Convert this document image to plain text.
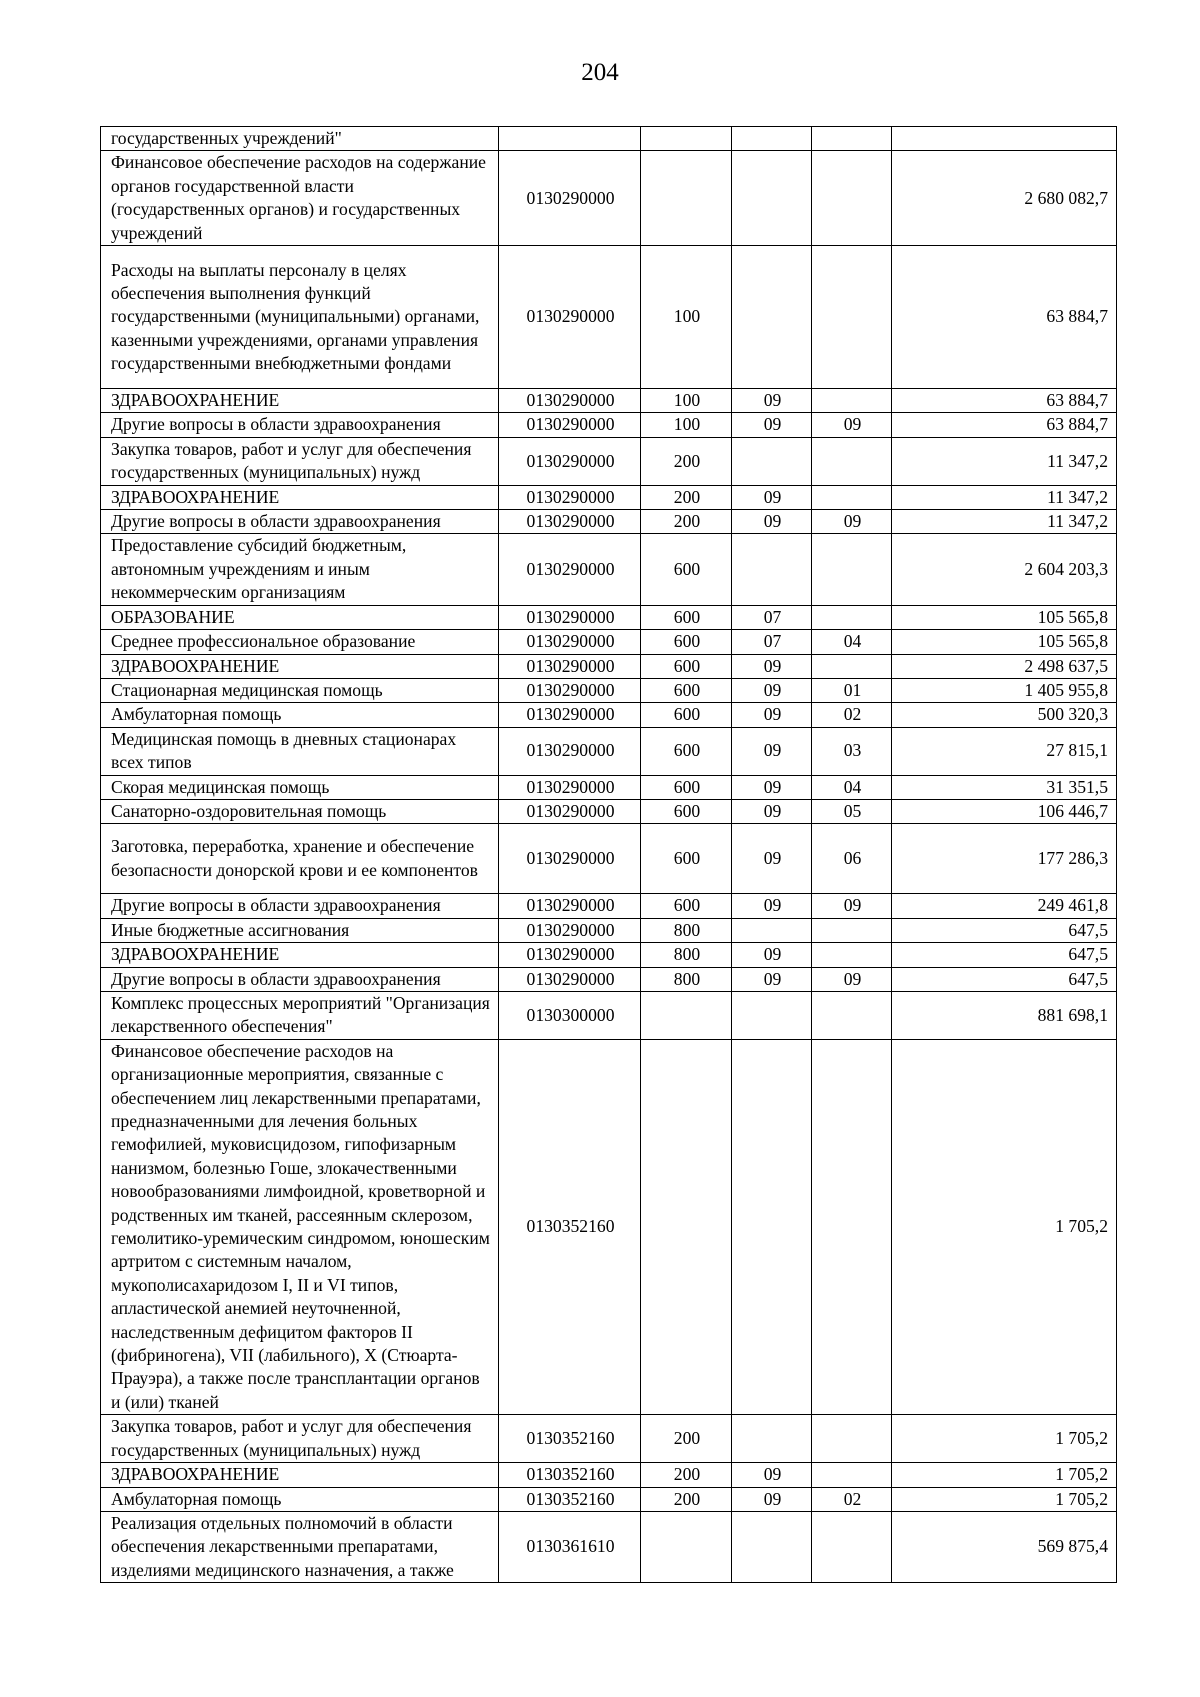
204
государственных учреждений"					
Финансовое обеспечение расходов на содержание органов государственной власти (государственных органов) и государственных учреждений	0130290000				2 680 082,7
Расходы на выплаты персоналу в целях обеспечения выполнения функций государственными (муниципальными) органами, казенными учреждениями, органами управления государственными внебюджетными фондами	0130290000	100			63 884,7
ЗДРАВООХРАНЕНИЕ	0130290000	100	09		63 884,7
Другие вопросы в области здравоохранения	0130290000	100	09	09	63 884,7
Закупка товаров, работ и услуг для обеспечения государственных (муниципальных) нужд	0130290000	200			11 347,2
ЗДРАВООХРАНЕНИЕ	0130290000	200	09		11 347,2
Другие вопросы в области здравоохранения	0130290000	200	09	09	11 347,2
Предоставление субсидий бюджетным, автономным учреждениям и иным некоммерческим организациям	0130290000	600			2 604 203,3
ОБРАЗОВАНИЕ	0130290000	600	07		105 565,8
Среднее профессиональное образование	0130290000	600	07	04	105 565,8
ЗДРАВООХРАНЕНИЕ	0130290000	600	09		2 498 637,5
Стационарная медицинская помощь	0130290000	600	09	01	1 405 955,8
Амбулаторная помощь	0130290000	600	09	02	500 320,3
Медицинская помощь в дневных стационарах всех типов	0130290000	600	09	03	27 815,1
Скорая медицинская помощь	0130290000	600	09	04	31 351,5
Санаторно-оздоровительная помощь	0130290000	600	09	05	106 446,7
Заготовка, переработка, хранение и обеспечение безопасности донорской крови и ее компонентов	0130290000	600	09	06	177 286,3
Другие вопросы в области здравоохранения	0130290000	600	09	09	249 461,8
Иные бюджетные ассигнования	0130290000	800			647,5
ЗДРАВООХРАНЕНИЕ	0130290000	800	09		647,5
Другие вопросы в области здравоохранения	0130290000	800	09	09	647,5
Комплекс процессных мероприятий "Организация лекарственного обеспечения"	0130300000				881 698,1
Финансовое обеспечение расходов на организационные мероприятия, связанные с обеспечением лиц лекарственными препаратами, предназначенными для лечения больных гемофилией, муковисцидозом, гипофизарным нанизмом, болезнью Гоше, злокачественными новообразованиями лимфоидной, кроветворной и родственных им тканей, рассеянным склерозом, гемолитико-уремическим синдромом, юношеским артритом с системным началом, мукополисахаридозом I, II и VI типов, апластической анемией неуточненной, наследственным дефицитом факторов II (фибриногена), VII (лабильного), X (Стюарта-Прауэра), а также после трансплантации органов и (или) тканей	0130352160				1 705,2
Закупка товаров, работ и услуг для обеспечения государственных (муниципальных) нужд	0130352160	200			1 705,2
ЗДРАВООХРАНЕНИЕ	0130352160	200	09		1 705,2
Амбулаторная помощь	0130352160	200	09	02	1 705,2
Реализация отдельных полномочий в области обеспечения лекарственными препаратами, изделиями медицинского назначения, а также	0130361610				569 875,4
